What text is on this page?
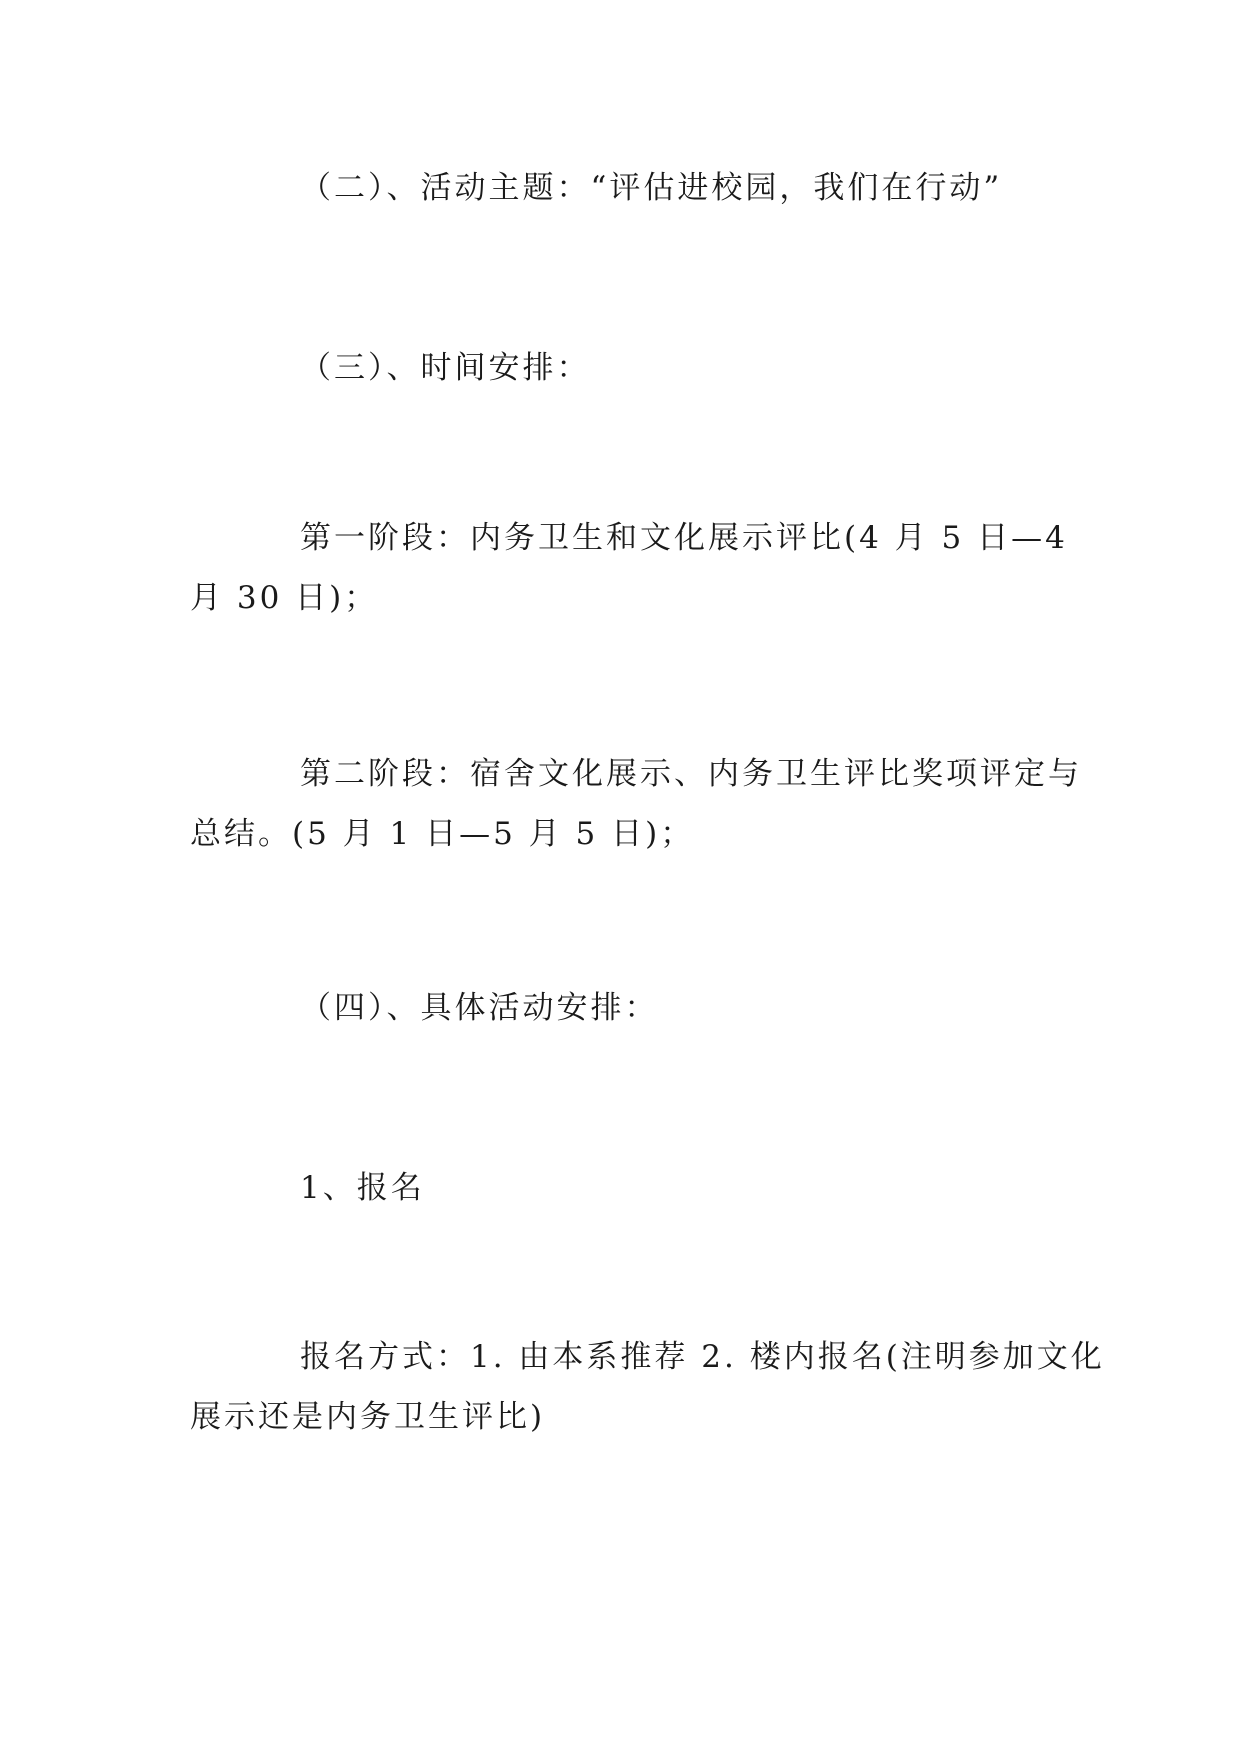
（二）、活动主题：“评估进校园，我们在行动”

（三）、时间安排：

第一阶段：内务卫生和文化展示评比(4 月 5 日—4
月 30 日)；

第二阶段：宿舍文化展示、内务卫生评比奖项评定与
总结。(5 月 1 日—5 月 5 日)；

（四）、具体活动安排：

1、报名

报名方式：1. 由本系推荐 2. 楼内报名(注明参加文化
展示还是内务卫生评比)
